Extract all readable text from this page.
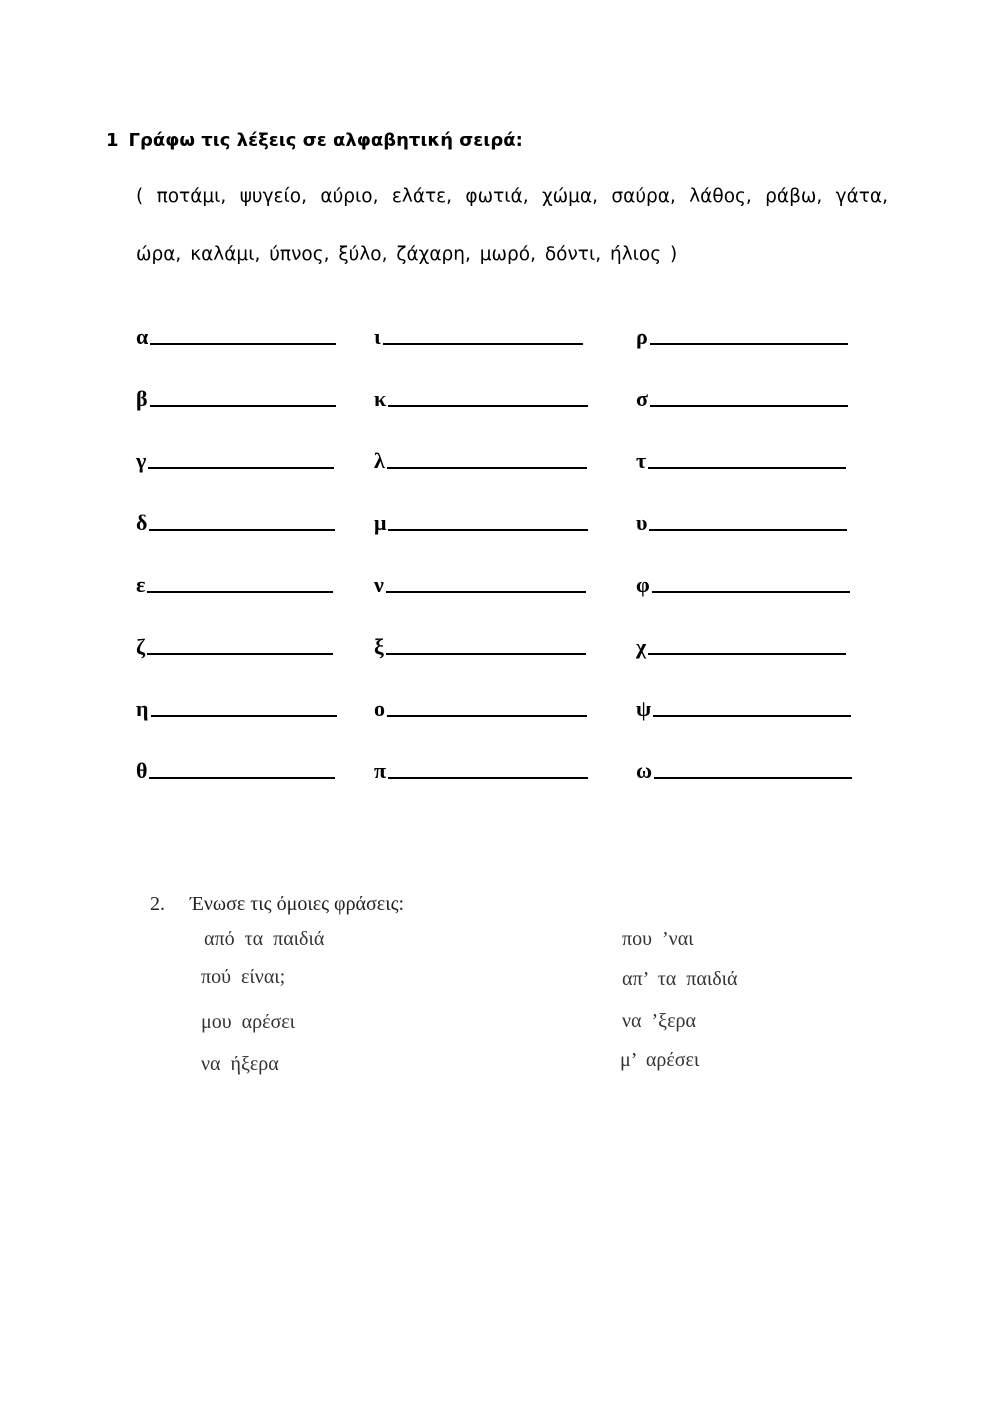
1 Γράφω τις λέξεις σε αλφαβητική σειρά:
( ποτάμι, ψυγείο, αύριο, ελάτε, φωτιά, χώμα, σαύρα, λάθος, ράβω, γάτα,
ώρα, καλάμι, ύπνος, ξύλο, ζάχαρη, μωρό, δόντι, ήλιος )
α
β
γ
δ
ε
ζ
η
θ
ι
κ
λ
μ
ν
ξ
ο
π
ρ
σ
τ
υ
φ
χ
ψ
ω
2. Ένωσε τις όμοιες φράσεις:
από  τα  παιδιά
πού  είναι;
μου  αρέσει
να  ήξερα
που  ’ναι
απ’  τα  παιδιά
να  ’ξερα
μ’  αρέσει
